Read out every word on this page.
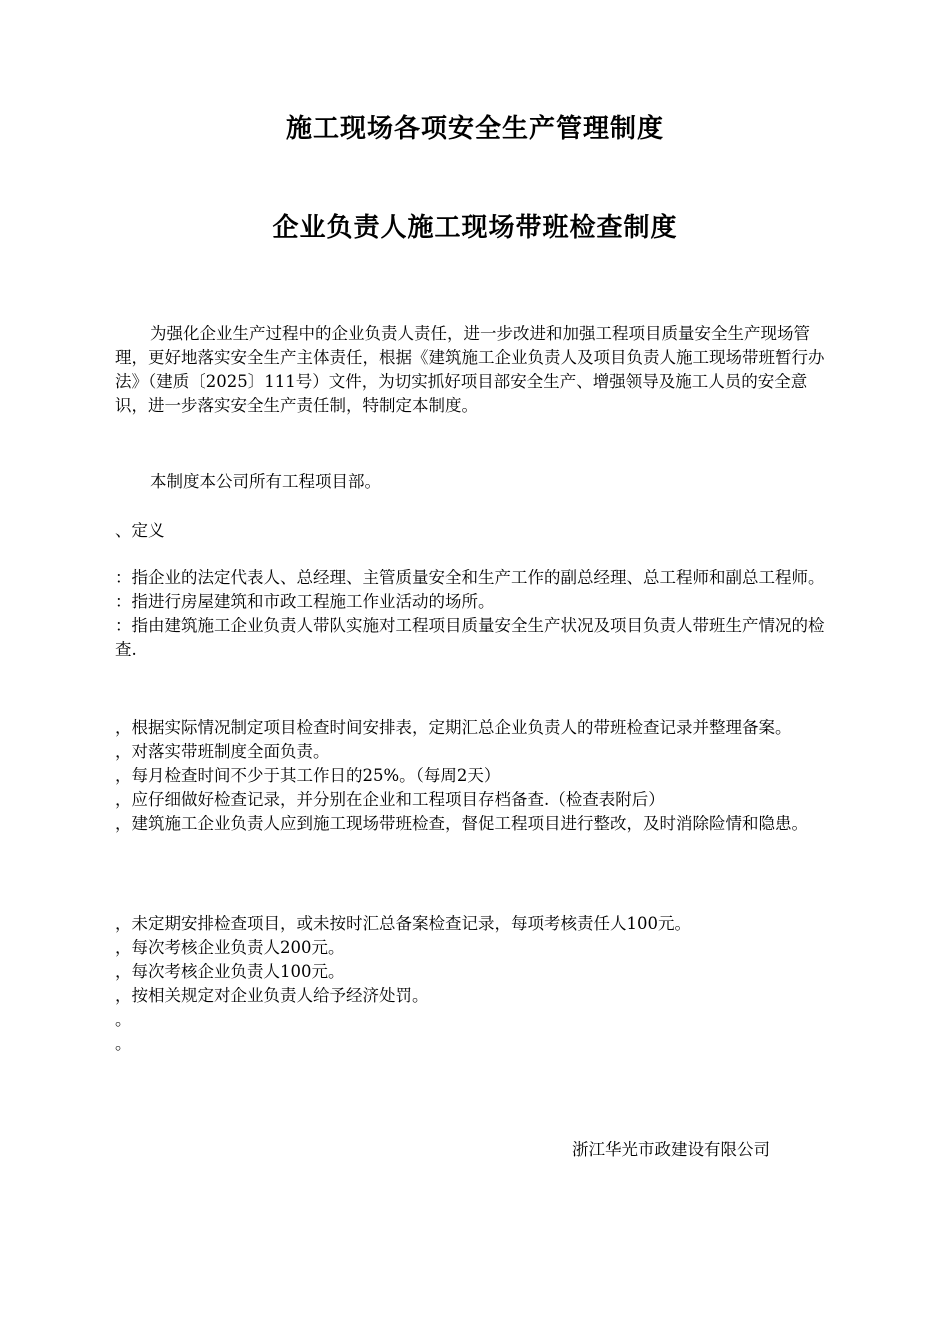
施工现场各项安全生产管理制度
企业负责人施工现场带班检查制度

为强化企业生产过程中的企业负责人责任，进一步改进和加强工程项目质量安全生产现场管理，更好地落实安全生产主体责任，根据《建筑施工企业负责人及项目负责人施工现场带班暂行办法》（建质〔2025〕111号）文件，为切实抓好项目部安全生产、增强领导及施工人员的安全意识，进一步落实安全生产责任制，特制定本制度。

本制度本公司所有工程项目部。

、定义

：指企业的法定代表人、总经理、主管质量安全和生产工作的副总经理、总工程师和副总工程师。

：指进行房屋建筑和市政工程施工作业活动的场所。

：指由建筑施工企业负责人带队实施对工程项目质量安全生产状况及项目负责人带班生产情况的检查.

，根据实际情况制定项目检查时间安排表，定期汇总企业负责人的带班检查记录并整理备案。

，对落实带班制度全面负责。

，每月检查时间不少于其工作日的25%。（每周2天）

，应仔细做好检查记录，并分别在企业和工程项目存档备查.（检查表附后）

，建筑施工企业负责人应到施工现场带班检查，督促工程项目进行整改，及时消除险情和隐患。

，未定期安排检查项目，或未按时汇总备案检查记录，每项考核责任人100元。

，每次考核企业负责人200元。

，每次考核企业负责人100元。

，按相关规定对企业负责人给予经济处罚。

。

。

浙江华光市政建设有限公司
